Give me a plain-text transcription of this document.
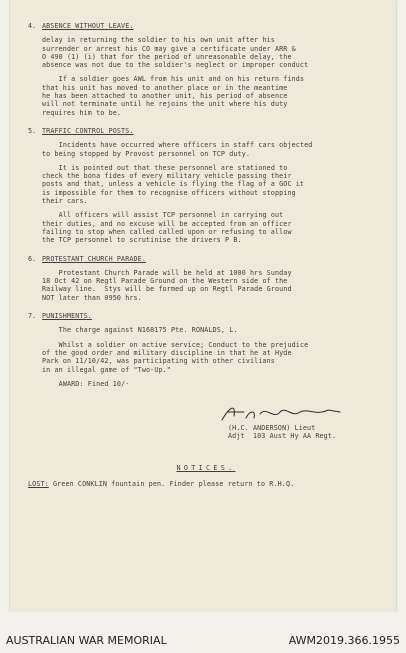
4. ABSENCE WITHOUT LEAVE.

delay in returning the soldier to his own unit after his
surrender or arrest his CO may give a certificate under ARR &
O 490 (1) (i) that for the period of unreasonable delay, the
absence was not due to the soldier's neglect or improper conduct

If a soldier goes AWL from his unit and on his return finds
that his unit has moved to another place or in the meantime
he has been attached to another unit, his period of absence
will not terminate until he rejoins the unit where his duty
requires him to be.

5. TRAFFIC CONTROL POSTS.

Incidents have occurred where officers in staff cars objected
to being stopped by Provost personnel on TCP duty.

It is pointed out that these personnel are stationed to
check the bona fides of every military vehicle passing their
posts and that, unless a vehicle is flying the flag of a GOC it
is impossible for them to recognise officers without stopping
their cars.

All officers will assist TCP personnel in carrying out
their duties, and no excuse will be accepted from an officer
failing to stop when called called upon or refusing to allow
the TCP personnel to scrutinise the drivers P B.

6. PROTESTANT CHURCH PARADE.

Protestant Church Parade will be held at 1000 hrs Sunday
18 Oct 42 on Regtl Parade Ground on the Western side of the
Railway line.  Stys will be formed up on Regtl Parade Ground
NOT later than 0950 hrs.

7. PUNISHMENTS.

The charge against N168175 Pte. RONALDS, L.

Whilst a soldier on active service; Conduct to the prejudice
of the good order and military discipline in that he at Hyde
Park on 11/10/42, was participating with other civilians
in an illegal game of "Two-Up."

AWARD: Fined 10/-

(H.C. ANDERSON) Lieut
Adjt  103 Aust Hy AA Regt.
NOTICES.
LOST: Green CONKLIN fountain pen. Finder please return to R.H.Q.
AUSTRALIAN WAR MEMORIAL	AWM2019.366.1955
